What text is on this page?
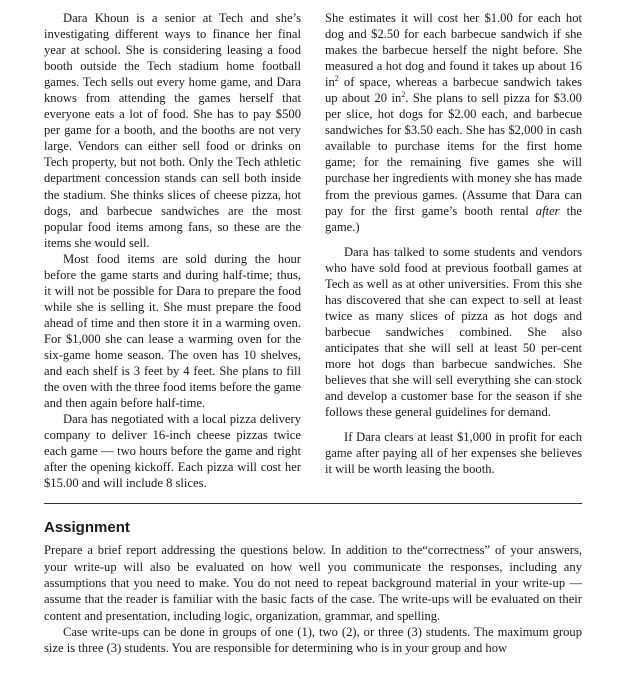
Dara Khoun is a senior at Tech and she’s investigating different ways to finance her final year at school. She is considering leasing a food booth outside the Tech stadium home football games. Tech sells out every home game, and Dara knows from attending the games herself that everyone eats a lot of food. She has to pay $500 per game for a booth, and the booths are not very large. Vendors can either sell food or drinks on Tech property, but not both. Only the Tech athletic department concession stands can sell both inside the stadium. She thinks slices of cheese pizza, hot dogs, and barbecue sandwiches are the most popular food items among fans, so these are the items she would sell.

Most food items are sold during the hour before the game starts and during half-time; thus, it will not be possible for Dara to prepare the food while she is selling it. She must prepare the food ahead of time and then store it in a warming oven. For $1,000 she can lease a warming oven for the six-game home season. The oven has 10 shelves, and each shelf is 3 feet by 4 feet. She plans to fill the oven with the three food items before the game and then again before half-time.

Dara has negotiated with a local pizza delivery company to deliver 16-inch cheese pizzas twice each game — two hours before the game and right after the opening kickoff. Each pizza will cost her $15.00 and will include 8 slices.

She estimates it will cost her $1.00 for each hot dog and $2.50 for each barbecue sandwich if she makes the barbecue herself the night before. She measured a hot dog and found it takes up about 16 $in^2$ of space, whereas a barbecue sandwich takes up about 20 $in^2$. She plans to sell pizza for $3.00 per slice, hot dogs for $2.00 each, and barbecue sandwiches for $3.50 each. She has $2,000 in cash available to purchase items for the first home game; for the remaining five games she will purchase her ingredients with money she has made from the previous games. (Assume that Dara can pay for the first game’s booth rental after the game.)

Dara has talked to some students and vendors who have sold food at previous football games at Tech as well as at other universities. From this she has discovered that she can expect to sell at least twice as many slices of pizza as hot dogs and barbecue sandwiches combined. She also anticipates that she will sell at least 50 per-cent more hot dogs than barbecue sandwiches. She believes that she will sell everything she can stock and develop a customer base for the season if she follows these general guidelines for demand.

If Dara clears at least $1,000 in profit for each game after paying all of her expenses she believes it will be worth leasing the booth.

Assignment

Prepare a brief report addressing the questions below. In addition to the“correctness” of your answers, your write-up will also be evaluated on how well you communicate the responses, including any assumptions that you need to make. You do not need to repeat background material in your write-up — assume that the reader is familiar with the basic facts of the case. The write-ups will be evaluated on their content and presentation, including logic, organization, grammar, and spelling.

Case write-ups can be done in groups of one (1), two (2), or three (3) students. The maximum group size is three (3) students. You are responsible for determining who is in your group and how
